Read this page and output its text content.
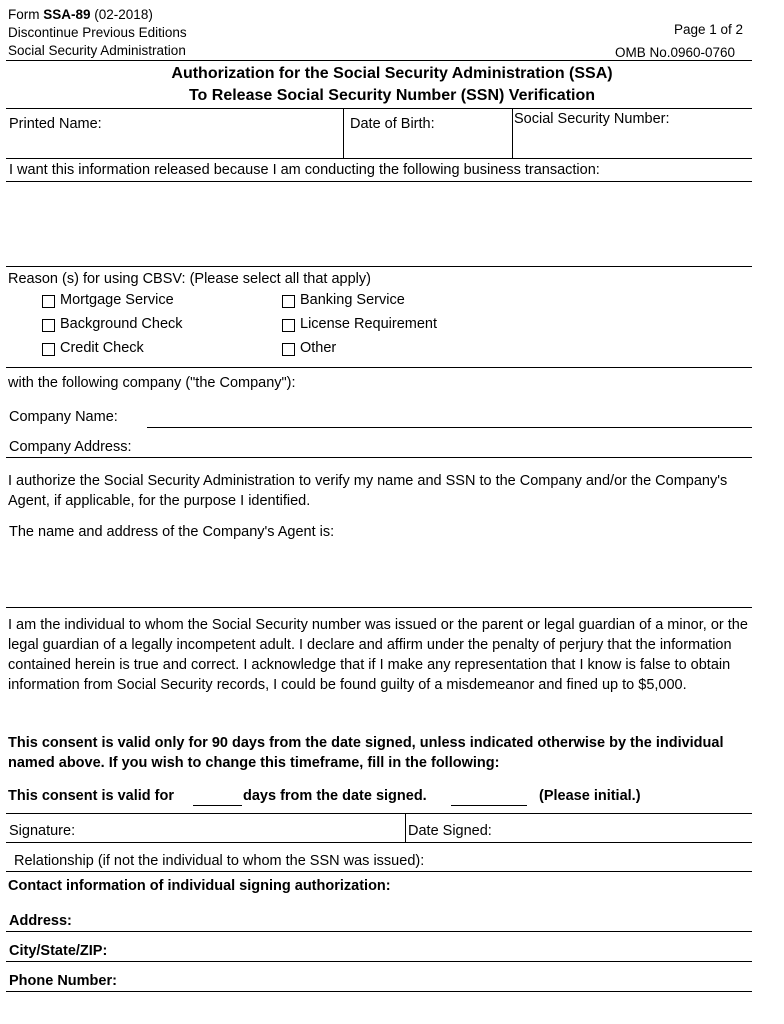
Form SSA-89 (02-2018)
Discontinue Previous Editions
Social Security Administration
Page 1 of 2
OMB No.0960-0760
Authorization for the Social Security Administration (SSA)
To Release Social Security Number (SSN) Verification
Printed Name:	Date of Birth:	Social Security Number:
I want this information released because I am conducting the following business transaction:
Reason (s) for using CBSV: (Please select all that apply)
Mortgage Service	Banking Service
Background Check	License Requirement
Credit Check	Other
with the following company ("the Company"):
Company Name:
Company Address:
I authorize the Social Security Administration to verify my name and SSN to the Company and/or the Company's Agent, if applicable, for the purpose I identified.
The name and address of the Company's Agent is:
I am the individual to whom the Social Security number was issued or the parent or legal guardian of a minor, or the legal guardian of a legally incompetent adult. I declare and affirm under the penalty of perjury that the information contained herein is true and correct. I acknowledge that if I make any representation that I know is false to obtain information from Social Security records, I could be found guilty of a misdemeanor and fined up to $5,000.
This consent is valid only for 90 days from the date signed, unless indicated otherwise by the individual named above. If you wish to change this timeframe, fill in the following:
This consent is valid for	days from the date signed.	(Please initial.)
Signature:	Date Signed:
Relationship (if not the individual to whom the SSN was issued):
Contact information of individual signing authorization:
Address:
City/State/ZIP:
Phone Number:
